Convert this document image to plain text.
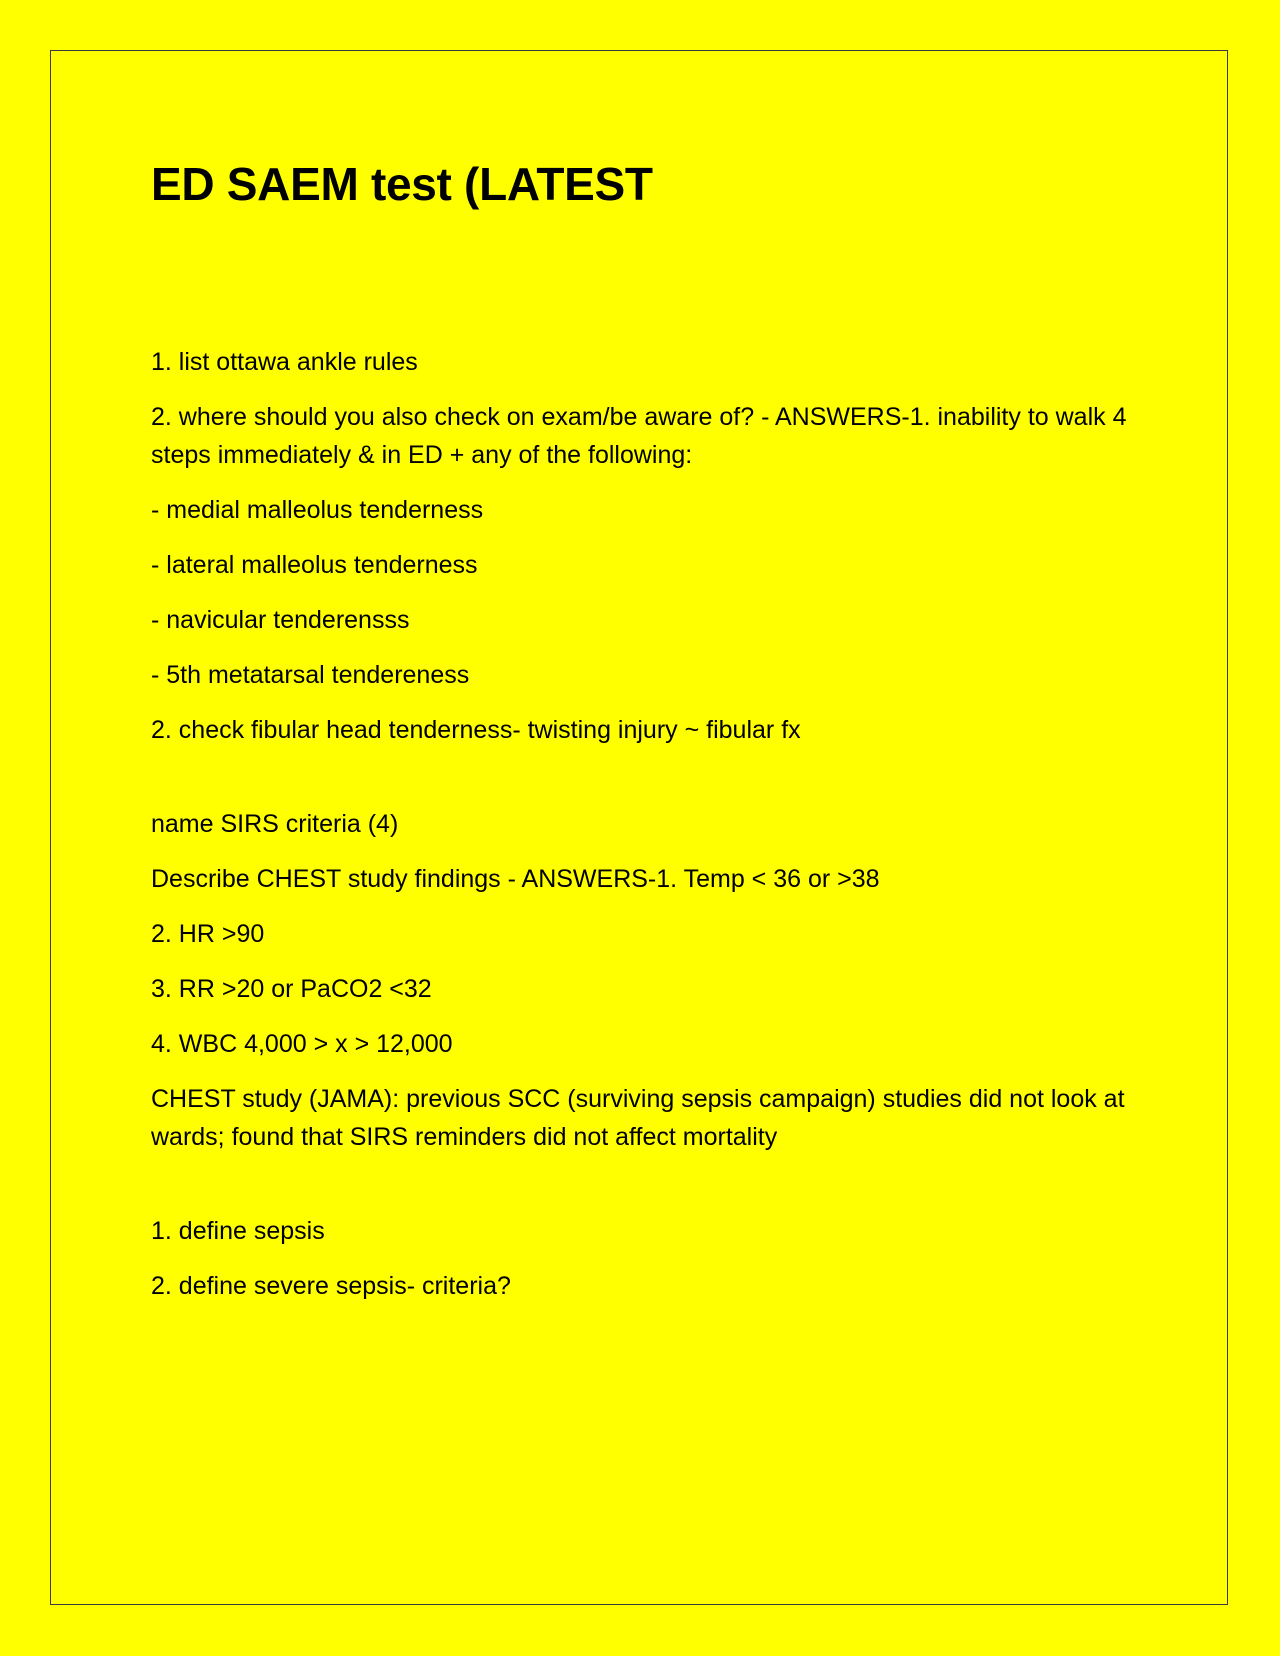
ED SAEM test (LATEST

1. list ottawa ankle rules

2. where should you also check on exam/be aware of? - ANSWERS-1. inability to walk 4 steps immediately & in ED + any of the following:

- medial malleolus tenderness

- lateral malleolus tenderness

- navicular tenderensss

- 5th metatarsal tendereness

2. check fibular head tenderness- twisting injury ~ fibular fx

name SIRS criteria (4)

Describe CHEST study findings - ANSWERS-1. Temp < 36 or >38

2. HR >90

3. RR >20 or PaCO2 <32

4. WBC 4,000 > x > 12,000

CHEST study (JAMA): previous SCC (surviving sepsis campaign) studies did not look at wards; found that SIRS reminders did not affect mortality

1. define sepsis

2. define severe sepsis- criteria?
